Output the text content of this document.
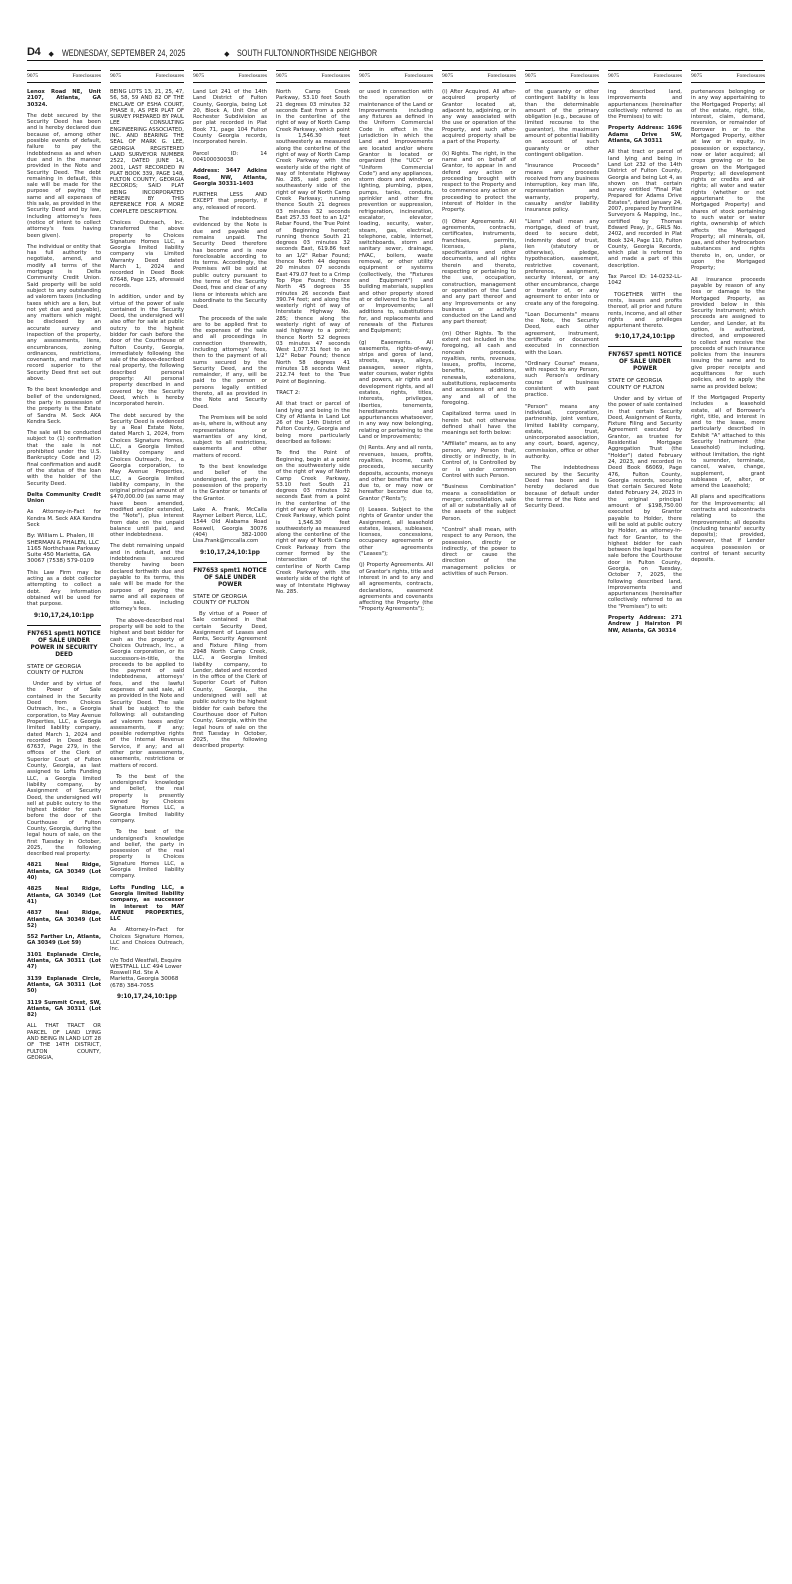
D4 ◆ WEDNESDAY, SEPTEMBER 24, 2025	◆ SOUTH FULTON/NORTHSIDE NEIGHBOR
9075	Foreclosures
Lenox Road NE, Unit 2107, Atlanta, GA 30324.
The debt secured by the Security Deed has been and is hereby declared due because of, among other possible events of default, failure to pay the indebtedness as and when due and in the manner provided in the Note and Security Deed. The debt remaining in default, this sale will be made for the purpose of paying the same and all expenses of this sale, as provided in the Security Deed and by law, including attorney's fees (notice of intent to collect attorney's fees having been given).
The individual or entity that has full authority to negotiate, amend, and modify all terms of the mortgage is Delta Community Credit Union. Said property will be sold subject to any outstanding ad valorem taxes (including taxes which are a lien, but not yet due and payable), any matters which might be disclosed by an accurate survey and inspection of the property, any assessments, liens, encumbrances, zoning ordinances, restrictions, covenants, and matters of record superior to the Security Deed first set out above.
To the best knowledge and belief of the undersigned, the party in possession of the property is the Estate of Sandra M. Seck AKA Kendra Seck.
The sale will be conducted subject to (1) confirmation that the sale is not prohibited under the U.S. Bankruptcy Code and (2) final confirmation and audit of the status of the loan with the holder of the Security Deed.
Delta Community Credit Union
As Attorney-in-Fact for Kendra M. Seck AKA Kendra Seck
By: William L. Phalen, III SHERMAN & PHALEN, LLC 1165 Northchase Parkway Suite 450 Marietta, GA 30067 (7538) 579-0109
This Law Firm may be acting as a debt collector attempting to collect a debt. Any information obtained will be used for that purpose.
9:10,17,24,10:1pp
FN7651 spmt1 NOTICE OF SALE UNDER POWER IN SECURITY DEED
STATE OF GEORGIA COUNTY OF FULTON
Under and by virtue of the Power of Sale contained in the Security Deed from Choices Outreach, Inc., a Georgia corporation, to May Avenue Properties, LLC, a Georgia limited liability company, dated March 1, 2024 and recorded in Deed Book 67637, Page 279, in the offices of the Clerk of Superior Court of Fulton County, Georgia, as last assigned to Lofts Funding LLC, a Georgia limited liability company, by Assignment of Security Deed, the undersigned will sell at public outcry to the highest bidder for cash before the door of the Courthouse of Fulton County, Georgia, during the legal hours of sale, on the first Tuesday in October, 2025, the following described real property:
4821 Neal Ridge, Atlanta, GA 30349 (Lot 40)
4825 Neal Ridge, Atlanta, GA 30349 (Lot 41)
4837 Neal Ridge, Atlanta, GA 30349 (Lot 52)
552 Farther Ln, Atlanta, GA 30349 (Lot 59)
3101 Esplanade Circle, Atlanta, GA 30311 (Lot 47)
3139 Esplanade Circle, Atlanta, GA 30311 (Lot 50)
3119 Summit Crest, SW, Atlanta, GA 30311 (Lot 82)
ALL THAT TRACT OR PARCEL OF LAND LYING AND BEING IN LAND LOT 28 OF THE 14TH DISTRICT, FULTON COUNTY, GEORGIA,
9075	Foreclosures
BEING LOTS 13, 21, 25, 47, 56, 58, 59 AND 82 OF THE ENCLAVE OF ESHA COURT, PHASE II, AS PER PLAT OF SURVEY PREPARED BY PAUL LEE CONSULTING ENGINEERING ASSOCIATED, INC. AND BEARING THE SEAL OF MARK G. LEE, GEORGIA REGISTERED LAND SURVEYOR NUMBER 2522, DATED JUNE 14, 2001, LAST RECORDED IN PLAT BOOK 339, PAGE 148, FULTON COUNTY, GEORGIA RECORDS; SAID PLAT BEING INCORPORATED HEREIN BY THIS REFERENCE FOR A MORE COMPLETE DESCRIPTION.
Choices Outreach, Inc. transferred the above property to Choices Signature Homes LLC, a Georgia limited liability company via Limited Warranty Deed dated March 1, 2024 and recorded in Deed Book 67648, Page 125, aforesaid records.
In addition, under and by virtue of the power of sale contained in the Security Deed, the undersigned will also offer for sale at public outcry to the highest bidder for cash before the door of the Courthouse of Fulton County, Georgia, immediately following the sale of the above-described real property, the following described personal property: All personal property described in and covered by the Security Deed, which is hereby incorporated herein.
The debt secured by the Security Deed is evidenced by a Real Estate Note, dated March 1, 2024, from Choices Signature Homes, LLC, a Georgia limited liability company and Choices Outreach, Inc., a Georgia corporation, to May Avenue Properties, LLC, a Georgia limited liability company, in the original principal amount of $470,000.00 (as same may have been amended, modified and/or extended, the "Note"), plus interest from date on the unpaid balance until paid, and other indebtedness.
The debt remaining unpaid and in default, and the indebtedness secured thereby having been declared forthwith due and payable to its terms, this sale will be made for the purpose of paying the same and all expenses of this sale, including attorney's fees.
The above-described real property will be sold to the highest and best bidder for cash as the property of Choices Outreach, Inc., a Georgia corporation, or its successors-in-title, the proceeds to be applied to the payment of said indebtedness, attorneys' fees, and the lawful expenses of said sale, all as provided in the Note and Security Deed. The sale shall be subject to the following: all outstanding ad valorem taxes and/or assessments, if any; possible redemptive rights of the Internal Revenue Service, if any; and all other prior assessments, easements, restrictions or matters of record.
To the best of the undersigned's knowledge and belief, the real property is presently owned by Choices Signature Homes LLC, a Georgia limited liability company.
To the best of the undersigned's knowledge and belief, the party in possession of the real property is Choices Signature Homes LLC, a Georgia limited liability company.
Lofts Funding LLC, a Georgia limited liability company, as successor in interest to MAY AVENUE PROPERTIES, LLC
As Attorney-In-Fact for Choices Signature Homes, LLC and Choices Outreach, Inc.
c/o Todd Westfall, Esquire WESTFALL LLC 494 Lower Roswell Rd. Ste A Marietta, Georgia 30068 (678) 384-7055
9:10,17,24,10:1pp
9075	Foreclosures
Land Lot 241 of the 14th Land District of Fulton County, Georgia, being Lot 20, Block A, Unit One of Rochester Subdivision as per plat recorded in Plat Book 71, page 104 Fulton County Georgia records, incorporated herein.
Parcel ID: 14 004100030038
Address: 3447 Adkins Road, NW, Atlanta, Georgia 30331-1403
FURTHER LESS AND EXCEPT that property, if any, released of record.
The indebtedness evidenced by the Note is due and payable and remains unpaid. The Security Deed therefore has become and is now foreclosable according to its terms. Accordingly, the Premises will be sold at public outcry pursuant to the terms of the Security Deed, free and clear of any liens or interests which are subordinate to the Security Deed.
The proceeds of the sale are to be applied first to the expenses of the sale and all proceedings in connection therewith, including attorneys' fees, then to the payment of all sums secured by the Security Deed, and the remainder, if any, will be paid to the person or persons legally entitled thereto, all as provided in the Note and Security Deed.
The Premises will be sold as-is, where is, without any representations or warranties of any kind, subject to all restrictions, easements and other matters of record.
To the best knowledge and belief of the undersigned, the party in possession of the property is the Grantor or tenants of the Grantor.
Lake A. Frank, McCalla Raymer Leibert Pierce, LLC, 1544 Old Alabama Road Roswell, Georgia 30076 (404) 382-1000 Lisa.Frank@mccalla.com
9:10,17,24,10:1pp
FN7653 spmt1 NOTICE OF SALE UNDER POWER
STATE OF GEORGIA COUNTY OF FULTON
By virtue of a Power of Sale contained in that certain Security Deed, Assignment of Leases and Rents, Security Agreement and Fixture Filing from 2948 North Camp Creek, LLC, a Georgia limited liability company, to Lender, dated and recorded in the office of the Clerk of Superior Court of Fulton County, Georgia, the undersigned will sell at public outcry to the highest bidder for cash before the Courthouse door of Fulton County, Georgia, within the legal hours of sale on the first Tuesday in October, 2025, the following described property:
9075	Foreclosures
North Camp Creek Parkway, 53.10 feet South 21 degrees 03 minutes 32 seconds East from a point in the centerline of the right of way of North Camp Creek Parkway, which point is 1,546.30 feet southwesterly as measured along the centerline of the right of way of North Camp Creek Parkway with the westerly side of the right of way of Interstate Highway No. 285, said point on southeasterly side of the right of way of North Camp Creek Parkway; running thence South 21 degrees 03 minutes 32 seconds East 257.33 feet to an 1/2" Rebar Found, the True Point of Beginning hereof; running thence South 21 degrees 03 minutes 32 seconds East, 619.86 feet to an 1/2" Rebar Found; thence North 44 degrees 20 minutes 07 seconds East 479.07 feet to a Crimp Top Pipe Found; thence North 45 degrees 35 minutes 26 seconds East 390.74 feet; and along the westerly right of way of Interstate Highway No. 285; thence along the westerly right of way of said highway to a point; thence North 52 degrees 03 minutes 47 seconds West 1,077.31 feet to an 1/2" Rebar Found; thence North 58 degrees 41 minutes 18 seconds West 212.74 feet to the True Point of Beginning.
TRACT 2:
All that tract or parcel of land lying and being in the City of Atlanta in Land Lot 26 of the 14th District of Fulton County, Georgia and being more particularly described as follows:
To find the Point of Beginning, begin at a point on the southwesterly side of the right of way of North Camp Creek Parkway, 53.10 feet South 21 degrees 03 minutes 32 seconds East from a point in the centerline of the right of way of North Camp Creek Parkway, which point is 1,546.30 feet southwesterly as measured along the centerline of the right of way of North Camp Creek Parkway from the corner formed by the intersection of the centerline of North Camp Creek Parkway with the westerly side of the right of way of Interstate Highway No. 285.
9075	Foreclosures
or used in connection with the operation or maintenance of the Land or Improvements including any fixtures as defined in the Uniform Commercial Code in effect in the jurisdiction in which the Land and Improvements are located and/or where Grantor is located or organized (the "UCC" or "Uniform Commercial Code") and any appliances, storm doors and windows, lighting, plumbing, pipes, pumps, tanks, conduits, sprinkler and other fire prevention or suppression, refrigeration, incineration, escalator, elevator, loading, security, water, steam, gas, electrical, telephone, cable, internet, switchboards, storm and sanitary sewer, drainage, HVAC, boilers, waste removal, or other utility equipment or systems (collectively, the "Fixtures and Equipment") and building materials, supplies and other property stored at or delivered to the Land or Improvements; all additions to, substitutions for, and replacements and renewals of the Fixtures and Equipment;
(g) Easements. All easements, rights-of-way, strips and gores of land, streets, ways, alleys, passages, sewer rights, water courses, water rights and powers, air rights and development rights, and all estates, rights, titles, interests, privileges, liberties, tenements, hereditaments and appurtenances whatsoever, in any way now belonging, relating or pertaining to the Land or Improvements;
(h) Rents. Any and all rents, revenues, issues, profits, royalties, income, cash proceeds, security deposits, accounts, moneys and other benefits that are due to, or may now or hereafter become due to, Grantor ("Rents");
(i) Leases. Subject to the rights of Grantor under the Assignment, all leasehold estates, leases, subleases, licenses, concessions, occupancy agreements or other agreements ("Leases");
(j) Property Agreements. All of Grantor's rights, title and interest in and to any and all agreements, contracts, declarations, easement agreements and covenants affecting the Property (the "Property Agreements");
9075	Foreclosures
(i) After Acquired. All after-acquired property of Grantor located at, adjacent to, adjoining, or in any way associated with the use or operation of the Property, and such after-acquired property shall be a part of the Property.
(k) Rights. The right, in the name and on behalf of Grantor, to appear in and defend any action or proceeding brought with respect to the Property and to commence any action or proceeding to protect the interest of Holder in the Property.
(l) Other Agreements. All agreements, contracts, certificates, instruments, franchises, permits, licenses, plans, specifications and other documents, and all rights therein and thereto, respecting or pertaining to the use, occupation, construction, management or operation of the Land and any part thereof and any Improvements or any business or activity conducted on the Land and any part thereof;
(m) Other Rights. To the extent not included in the foregoing, all cash and noncash proceeds, royalties, rents, revenues, issues, profits, income, benefits, additions, renewals, extensions, substitutions, replacements and accessions of and to any and all of the foregoing.
Capitalized terms used in herein but not otherwise defined shall have the meanings set forth below:
"Affiliate" means, as to any person, any Person that, directly or indirectly, is in Control of, is Controlled by or is under common Control with such Person.
"Business Combination" means a consolidation or merger, consolidation, sale of all or substantially all of the assets of the subject Person.
"Control" shall mean, with respect to any Person, the possession, directly or indirectly, of the power to direct or cause the direction of the management policies or activities of such Person.
9075	Foreclosures
of the guaranty or other contingent liability is less than the determinable amount of the primary obligation (e.g., because of limited recourse to the guarantor), the maximum amount of potential liability on account of such guaranty or other contingent obligation.
"Insurance Proceeds" means any proceeds received from any business interruption, key man life, representation and warranty, property, casualty and/or liability insurance policy.
"Liens" shall mean any mortgage, deed of trust, deed to secure debt, indemnity deed of trust, lien (statutory or otherwise), pledge, hypothecation, easement, restrictive covenant, preference, assignment, security interest, or any other encumbrance, charge or transfer of, or any agreement to enter into or create any of the foregoing.
"Loan Documents" means the Note, the Security Deed, each other agreement, instrument, certificate or document executed in connection with the Loan.
"Ordinary Course" means, with respect to any Person, such Person's ordinary course of business consistent with past practice.
"Person" means any individual, corporation, partnership, joint venture, limited liability company, estate, trust, unincorporated association, any court, board, agency, commission, office or other authority.
The indebtedness secured by the Security Deed has been and is hereby declared due because of default under the terms of the Note and Security Deed.
9075	Foreclosures
ing described land, improvements and appurtenances (hereinafter collectively referred to as the Premises) to wit:
Property Address: 1696 Adams Drive SW, Atlanta, GA 30311
All that tract or parcel of land lying and being in Land Lot 232 of the 14th District of Fulton County, Georgia and being Lot 4, as shown on that certain survey entitled "Final Plat Prepared for Adams Drive Estates", dated January 24, 2007, prepared by Frontline Surveyors & Mapping, Inc., certified by Thomas Edward Peay, Jr., GRLS No. 2402, and recorded in Plat Book 324, Page 110, Fulton County, Georgia Records, which plat is referred to and made a part of this description.
Tax Parcel ID: 14-0232-LL-1042
TOGETHER WITH the rents, issues and profits thereof, all prior and future rents, income, and all other rights and privileges appurtenant thereto.
9:10,17,24,10:1pp
FN7657 spmt1 NOTICE OF SALE UNDER POWER
STATE OF GEORGIA COUNTY OF FULTON
Under and by virtue of the power of sale contained in that certain Security Deed, Assignment of Rents, Fixture Filing and Security Agreement executed by Grantor, as trustee for Residential Mortgage Aggregation Trust (the "Holder") dated February 24, 2023, and recorded in Deed Book 66069, Page 476, Fulton County, Georgia records, securing that certain Secured Note dated February 24, 2023 in the original principal amount of $198,750.00 executed by Grantor payable to Holder, there will be sold at public outcry by Holder, as attorney-in-fact for Grantor, to the highest bidder for cash between the legal hours for sale before the Courthouse door in Fulton County, Georgia, on Tuesday, October 7, 2025, the following described land, improvements and appurtenances (hereinafter collectively referred to as the "Premises") to wit:
Property Address: 271 Andrew J Hairston Pl NW, Atlanta, GA 30314
9075	Foreclosures
purtenances belonging or in any way appertaining to the Mortgaged Property; all of the estate, right, title, interest, claim, demand, reversion, or remainder of Borrower in or to the Mortgaged Property, either at law or in equity, in possession or expectancy, now or later acquired; all crops growing or to be grown on the Mortgaged Property; all development rights or credits and air rights; all water and water rights (whether or not appurtenant to the Mortgaged Property) and shares of stock pertaining to such water or water rights, ownership of which affects the Mortgaged Property; all minerals, oil, gas, and other hydrocarbon substances and rights thereto in, on, under, or upon the Mortgaged Property;
All insurance proceeds payable by reason of any loss or damage to the Mortgaged Property, as provided below in this Security Instrument; which proceeds are assigned to Lender, and Lender, at its option, is authorized, directed, and empowered to collect and receive the proceeds of such insurance policies from the insurers issuing the same and to give proper receipts and acquittances for such policies, and to apply the same as provided below;
If the Mortgaged Property includes a leasehold estate, all of Borrower's right, title, and interest in and to the lease, more particularly described in Exhibit "A" attached to this Security Instrument (the Leasehold) including, without limitation, the right to surrender, terminate, cancel, waive, change, supplement, grant subleases of, alter, or amend the Leasehold;
All plans and specifications for the Improvements; all contracts and subcontracts relating to the Improvements; all deposits (including tenants' security deposits); provided, however, that if Lender acquires possession or control of tenant security deposits.
